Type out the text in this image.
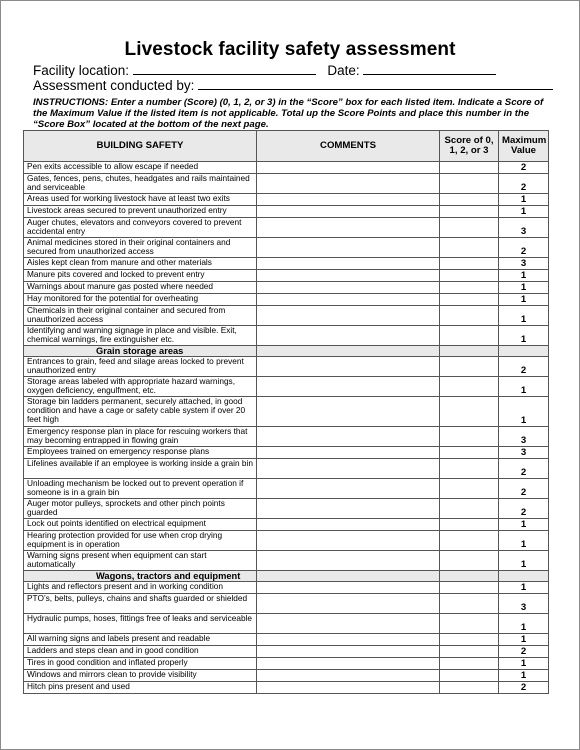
Livestock facility safety assessment
Facility location:	Date:
Assessment conducted by:
INSTRUCTIONS: Enter a number (Score) (0, 1, 2, or 3) in the “Score” box for each listed item. Indicate a Score of the Maximum Value if the listed item is not applicable. Total up the Score Points and place this number in the “Score Box” located at the bottom of the next page.
BUILDING SAFETY	COMMENTS	Score of 0, 1, 2, or 3	Maximum Value
Pen exits accessible to allow escape if needed			2
Gates, fences, pens, chutes, headgates and rails maintained and serviceable			2
Areas used for working livestock have at least two exits			1
Livestock areas secured to prevent unauthorized entry			1
Auger chutes, elevators and conveyors covered to prevent accidental entry			3
Animal medicines stored in their original containers and secured from unauthorized access			2
Aisles kept clean from manure and other materials			3
Manure pits covered and locked to prevent entry			1
Warnings about manure gas posted where needed			1
Hay monitored for the potential for overheating			1
Chemicals in their original container and secured from unauthorized access			1
Identifying and warning signage in place and visible. Exit, chemical warnings, fire extinguisher etc.			1
Grain storage areas			
Entrances to grain, feed and silage areas locked to prevent unauthorized entry			2
Storage areas labeled with appropriate hazard warnings, oxygen deficiency, engulfment, etc.			1
Storage bin ladders permanent, securely attached, in good condition and have a cage or safety cable system if over 20 feet high			1
Emergency response plan in place for rescuing workers that may becoming entrapped in flowing grain			3
Employees trained on emergency response plans			3
Lifelines available if an employee is working inside a grain bin			2
Unloading mechanism be locked out to prevent operation if someone is in a grain bin			2
Auger motor pulleys, sprockets and other pinch points guarded			2
Lock out points identified on electrical equipment			1
Hearing protection provided for use when crop drying equipment is in operation			1
Warning signs present when equipment can start automatically			1
Wagons, tractors and equipment			
Lights and reflectors present and in working condition			1
PTO’s, belts, pulleys, chains and shafts guarded or shielded			3
Hydraulic pumps, hoses, fittings free of leaks and serviceable			1
All warning signs and labels present and readable			1
Ladders and steps clean and in good condition			2
Tires in good condition and inflated properly			1
Windows and mirrors clean to provide visibility			1
Hitch pins present and used			2
